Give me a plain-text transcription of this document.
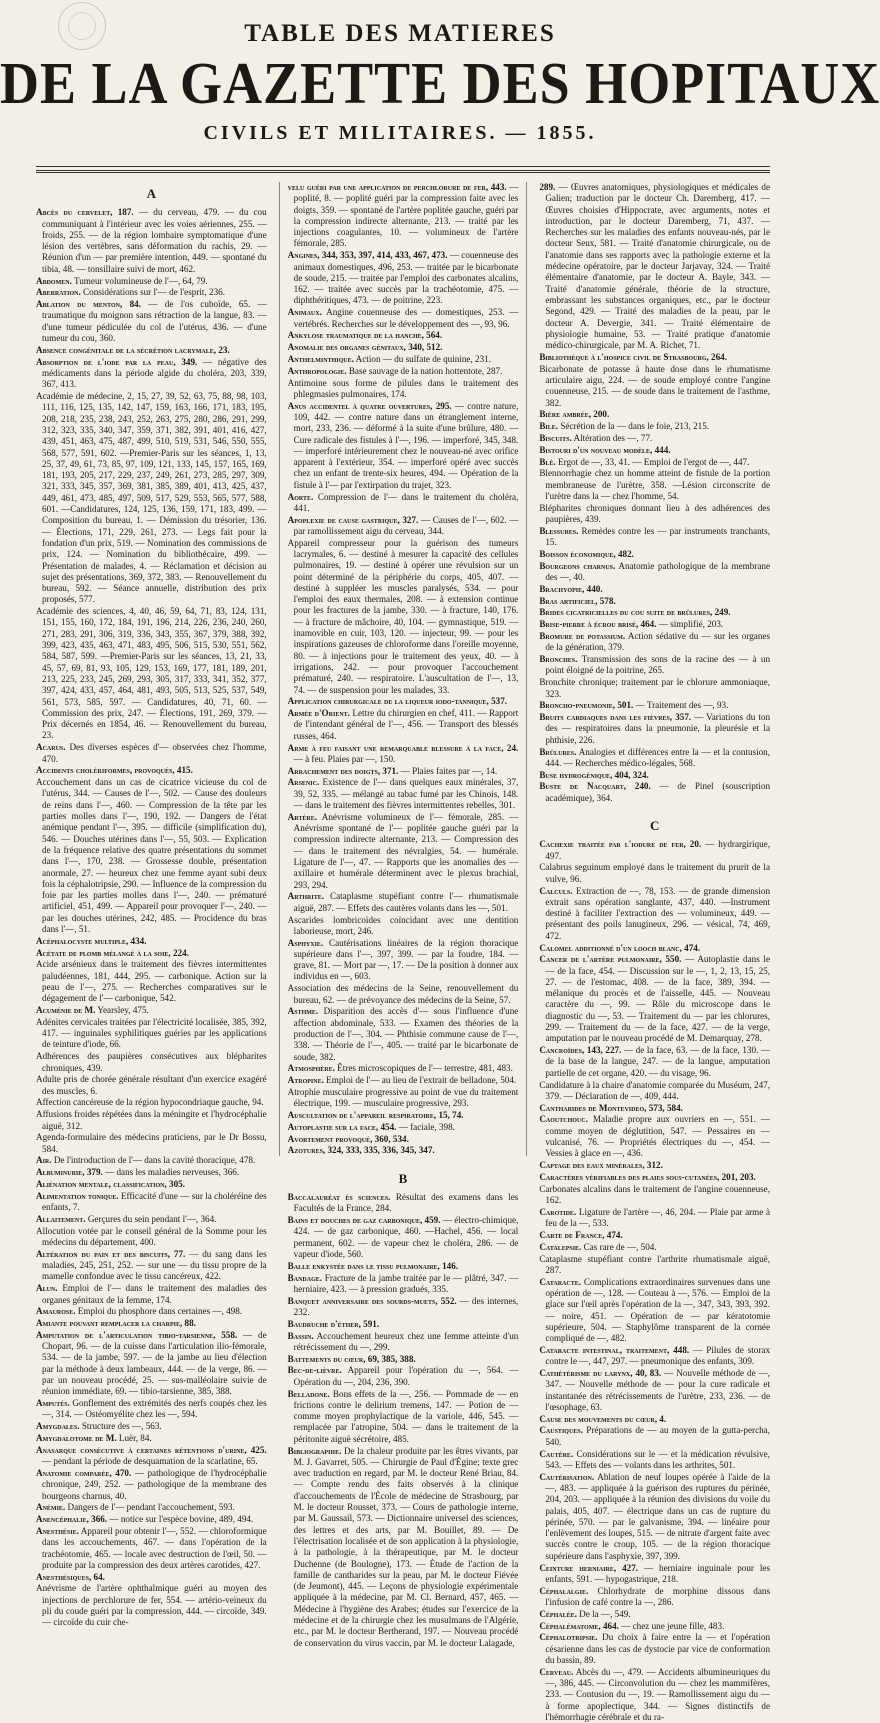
TABLE DES MATIERES
DE LA GAZETTE DES HOPITAUX
CIVILS ET MILITAIRES. — 1855.
A
Abcès du cervelet, 187. — du cerveau, 479. — du cou communiquant à l'intérieur avec les voies aériennes, 255. — froids, 255. — de la région lombaire symptomatique d'une lésion des vertèbres, sans déformation du rachis, 29. — Réunion d'un — par première intention, 449. — spontané du tibia, 48. — tonsillaire suivi de mort, 462.
Abdomen. Tumeur volumineuse de l'—, 64, 79.
Aberration. Considérations sur l'— de l'esprit, 236.
Ablation du menton, 84. — de l'os cuboïde, 65. — traumatique du moignon sans rétraction de la langue, 83. — d'une tumeur pédiculée du col de l'utérus, 436. — d'une tumeur du cou, 360.
Absence congénitale de la sécrétion lacrymale, 23.
Absorption de l'iode par la peau, 349. — négative des médicaments dans la période algide du choléra, 203, 339, 367, 413.
Académie de médecine, 2, 15, 27, 39, 52, 63, 75, 88, 98, 103, 111, 116, 125, 135, 142, 147, 159, 163, 166, 171, 183, 195, 208, 218, 235, 238, 243, 252, 263, 275, 280, 286, 291, 299, 312, 323, 335, 340, 347, 359, 371, 382, 391, 401, 416, 427, 439, 451, 463, 475, 487, 499, 510, 519, 531, 546, 550, 555, 568, 577, 591, 602. —Premier-Paris sur les séances, 1, 13, 25, 37, 49, 61, 73, 85, 97, 109, 121, 133, 145, 157, 165, 169, 181, 193, 205, 217, 229, 237, 249, 261, 273, 285, 297, 309, 321, 333, 345, 357, 369, 381, 385, 389, 401, 413, 425, 437, 449, 461, 473, 485, 497, 509, 517, 529, 553, 565, 577, 588, 601. —Candidatures, 124, 125, 136, 159, 171, 183, 499. —Composition du bureau, 1. — Démission du trésorier, 136. — Élections, 171, 229, 261, 273. — Legs fait pour la fondation d'un prix, 519. — Nomination des commissions de prix, 124. — Nomination du bibliothécaire, 499. — Présentation de malades, 4. — Réclamation et décision au sujet des présentations, 369, 372, 383. — Renouvellement du bureau, 592. — Séance annuelle, distribution des prix proposés, 577.
Académie des sciences, 4, 40, 46, 59, 64, 71, 83, 124, 131, 151, 155, 160, 172, 184, 191, 196, 214, 226, 236, 240, 260, 271, 283, 291, 306, 319, 336, 343, 355, 367, 379, 388, 392, 399, 423, 435, 463, 471, 483, 495, 506, 515, 530, 551, 562, 584, 587, 599. —Premier-Paris sur les séances, 13, 21, 33, 45, 57, 69, 81, 93, 105, 129, 153, 169, 177, 181, 189, 201, 213, 225, 233, 245, 269, 293, 305, 317, 333, 341, 352, 377, 397, 424, 433, 457, 464, 481, 493, 505, 513, 525, 537, 549, 561, 573, 585, 597. — Candidatures, 40, 71, 60. — Commission des prix, 247. — Élections, 191, 269, 379. — Prix décernés en 1854, 46. — Renouvellement du bureau, 23.
Acarus. Des diverses espèces d'— observées chez l'homme, 470.
Accidents cholériformes, provoqués, 415.
Accouchement dans un cas de cicatrice vicieuse du col de l'utérus, 344. — Causes de l'—, 502. — Cause des douleurs de reins dans l'—, 460. — Compression de la tête par les parties molles dans l'—, 190, 192. — Dangers de l'état anémique pendant l'—, 395. — difficile (simplification du), 546. — Douches utérines dans l'—, 55, 503. — Explication de la fréquence relative des quatre présentations du sommet dans l'—, 170, 238. — Grossesse double, présentation anormale, 27. — heureux chez une femme ayant subi deux fois la céphalotripsie, 290. — Influence de la compression du foie par les parties molles dans l'—, 240. — prématuré artificiel, 451, 499. — Appareil pour provoquer l'—, 240. — par les douches utérines, 242, 485. — Procidence du bras dans l'—, 51.
Acéphalocyste multiple, 434.
Acétate de plomb mélangé à la soie, 224.
Acide arsénieux dans le traitement des fièvres intermittentes paludéennes, 181, 444, 295. — carbonique. Action sur la peau de l'—, 275. — Recherches comparatives sur le dégagement de l'— carbonique, 542.
Acuménie de M. Yearsley, 475.
Adénites cervicales traitées par l'électricité localisée, 385, 392, 417. — inguinales syphilitiques guéries par les applications de teinture d'iode, 66.
Adhérences des paupières consécutives aux blépharites chroniques, 439.
Adulte pris de chorée générale résultant d'un exercice exagéré des muscles, 6.
Affection cancéreuse de la région hypocondriaque gauche, 94.
Affusions froides répétées dans la méningite et l'hydrocéphalie aiguë, 312.
Agenda-formulaire des médecins praticiens, par le Dr Bossu, 584.
Air. De l'introduction de l'— dans la cavité thoracique, 478.
Albuminurie, 379. — dans les maladies nerveuses, 366.
Aliénation mentale, classification, 305.
Alimentation tonique. Efficacité d'une — sur la choléréine des enfants, 7.
Allaitement. Gerçures du sein pendant l'—, 364.
Allocution votée par le conseil général de la Somme pour les médecins du département, 400.
Altération du pain et des biscuits, 77. — du sang dans les maladies, 245, 251, 252. — sur une — du tissu propre de la mamelle confondue avec le tissu cancéreux, 422.
Alun. Emploi de l'— dans le traitement des maladies des organes génitaux de la femme, 174.
Amaurose. Emploi du phosphore dans certaines —, 498.
Amiante pouvant remplacer la charpie, 88.
Amputation de l'articulation tibio-tarsienne, 558. — de Chopart, 96. — de la cuisse dans l'articulation ilio-fémorale, 534. — de la jambe, 597. — de la jambe au lieu d'élection par la méthode à deux lambeaux, 444. — de la verge, 86. — par un nouveau procédé, 25. — sus-malléolaire suivie de réunion immédiate, 69. — tibio-tarsienne, 385, 388.
Amputés. Gonflement des extrémités des nerfs coupés chez les —, 314. — Ostéomyélite chez les —, 594.
Amygdales. Structure des —, 563.
Amygdalotome de M. Luër, 84.
Anasarque consécutive à certaines rétentions d'urine, 425. — pendant la période de desquamation de la scarlatine, 65.
Anatomie comparée, 470. — pathologique de l'hydrocéphalie chronique, 249, 252. — pathologique de la membrane des bourgeons charnus, 40.
Anémie. Dangers de l'— pendant l'accouchement, 593.
Anencéphalie, 366. — notice sur l'espèce bovine, 489, 494.
Anesthésie. Appareil pour obtenir l'—, 552. — chloroformique dans les accouchements, 467. — dans l'opération de la trachéotomie, 465. — locale avec destruction de l'œil, 50. — produite par la compression des deux artères carotides, 427.
Anesthésiques, 64.
Anévrisme de l'artère ophthalmique guéri au moyen des injections de perchlorure de fer, 554. — artério-veineux du pli du coude guéri par la compression, 444. — circoïde, 349. — circoïde du cuir che-
velu guéri par une application de perchlorure de fer, 443. — poplité, 8. — poplité guéri par la compression faite avec les doigts, 359. — spontané de l'artère poplitée gauche, guéri par la compression indirecte alternante, 213. — traité par les injections coagulantes, 10. — volumineux de l'artère fémorale, 285.
Angines, 344, 353, 397, 414, 433, 467, 473. — couenneuse des animaux domestiques, 496, 253. — traitée par le bicarbonate de soude, 215. — traitée par l'emploi des carbonates alcalins, 162. — traitée avec succès par la trachéotomie, 475. — diphthéritiques, 473. — de poitrine, 223.
Animaux. Angine couenneuse des — domestiques, 253. — vertébrés. Recherches sur le développement des —, 93, 96.
Ankylose traumatique de la hanche, 564.
Anomalie des organes génitaux, 340, 512.
Anthelminthique. Action — du sulfate de quinine, 231.
Anthropologie. Base sauvage de la nation hottentote, 287.
Antimoine sous forme de pilules dans le traitement des phlegmasies pulmonaires, 174.
Anus accidentel à quatre ouvertures, 295. — contre nature, 109, 442. — contre nature dans un étranglement interne, mort, 233, 236. — déformé à la suite d'une brûlure, 480. — Cure radicale des fistules à l'—, 196. — imperforé, 345, 348. — imperforé intérieurement chez le nouveau-né avec orifice apparent à l'extérieur, 354. — imperforé opéré avec succès chez un enfant de trente-six heures, 494. — Opération de la fistule à l'— par l'extirpation du trajet, 323.
Aorte. Compression de l'— dans le traitement du choléra, 441.
Apoplexie de cause gastrique, 327. — Causes de l'—, 602. — par ramollissement aigu du cerveau, 344.
Appareil compresseur pour la guérison des tumeurs lacrymales, 6. — destiné à mesurer la capacité des cellules pulmonaires, 19. — destiné à opérer une révulsion sur un point déterminé de la périphérie du corps, 405, 407. — destiné à suppléer les muscles paralysés, 534. — pour l'emploi des eaux thermales, 208. — à extension continue pour les fractures de la jambe, 330. — à fracture, 140, 176. — à fracture de mâchoire, 40, 104. — gymnastique, 519. — inamovible en cuir, 103, 120. — injecteur, 99. — pour les inspirations gazeuses de chloroforme dans l'oreille moyenne, 80. — à injections pour le traitement des yeux, 40. — à irrigations, 242. — pour provoquer l'accouchement prématuré, 240. — respiratoire. L'auscultation de l'—, 13, 74. — de suspension pour les malades, 33.
Application chirurgicale de la liqueur iodo-tannique, 537.
Armée d'Orient. Lettre du chirurgien en chef, 411. — Rapport de l'intendant général de l'—, 456. — Transport des blessés russes, 464.
Arme à feu faisant une remarquable blessure à la face, 24. — à feu. Plaies par —, 150.
Arrachement des doigts, 371. — Plaies faites par —, 14.
Arsenic. Existence de l'— dans quelques eaux minérales, 37, 39, 52, 335. — mélangé au tabac fumé par les Chinois, 148. — dans le traitement des fièvres intermittentes rebelles, 301.
Artère. Anévrisme volumineux de l'— fémorale, 285. — Anévrisme spontané de l'— poplitée gauche guéri par la compression indirecte alternante, 213. — Compression des — dans le traitement des névralgies, 54. — humérale. Ligature de l'—, 47. — Rapports que les anomalies des — axillaire et humérale déterminent avec le plexus brachial, 293, 294.
Arthrite. Cataplasme stupéfiant contre l'— rhumatismale aiguë, 287. — Effets des cautères volants dans les —, 501.
Ascarides lombricoïdes coïncidant avec une dentition laborieuse, mort, 246.
Asphyxie. Cautérisations linéaires de la région thoracique supérieure dans l'—, 397, 399. — par la foudre, 184. — grave, 81. — Mort par —, 17. — De la position à donner aux individus en —, 603.
Association des médecins de la Seine, renouvellement du bureau, 62. — de prévoyance des médecins de la Seine, 57.
Asthme. Disparition des accès d'— sous l'influence d'une affection abdominale, 533. — Examen des théories de la production de l'—, 304. — Phthisie commune cause de l'—, 338. — Théorie de l'—, 405. — traité par le bicarbonate de soude, 382.
Atmosphère. Êtres microscopiques de l'— terrestre, 481, 483.
Atropine. Emploi de l'— au lieu de l'extrait de belladone, 504.
Atrophie musculaire progressive au point de vue du traitement électrique, 199. — musculaire progressive, 293.
Auscultation de l'appareil respiratoire, 15, 74.
Autoplastie sur la face, 454. — faciale, 398.
Avortement provoqué, 360, 534.
Azotures, 324, 333, 335, 336, 345, 347.
B
Baccalauréat ès sciences. Résultat des examens dans les Facultés de la France, 284.
Bains et douches de gaz carbonique, 459. — électro-chimique, 424. — de gaz carbonique, 460. —Hachel, 456. — local permanent, 602. — de vapeur chez le choléra, 286. — de vapeur d'iode, 560.
Balle enkystée dans le tissu pulmonaire, 146.
Bandage. Fracture de la jambe traitée par le — plâtré, 347. — herniaire, 423. — à pression gradués, 335.
Banquet anniversaire des sourds-muets, 552. — des internes, 232.
Baudruche d'éther, 591.
Bassin. Accouchement heureux chez une femme atteinte d'un rétrécissement du —, 299.
Battements du cœur, 69, 385, 388.
Bec-de-lièvre. Appareil pour l'opération du —, 564. — Opération du —, 204, 236, 390.
Belladone. Bons effets de la —, 256. — Pommade de — en frictions contre le delirium tremens, 147. — Potion de — comme moyen prophylactique de la variole, 446, 545. — remplacée par l'atropine, 504. — dans le traitement de la péritonite aiguë sécrétoire, 485.
Bibliographie. De la chaleur produite par les êtres vivants, par M. J. Gavarret, 505. — Chirurgie de Paul d'Égine; texte grec avec traduction en regard, par M. le docteur René Briau, 84. — Compte rendu des faits observés à la clinique d'accouchements de l'École de médecine de Strasbourg, par M. le docteur Rousset, 373. — Cours de pathologie interne, par M. Gaussail, 573. — Dictionnaire universel des sciences, des lettres et des arts, par M. Bouillet, 89. — De l'électrisation localisée et de son application à la physiologie, à la pathologie, à la thérapeutique, par M. le docteur Duchenne (de Boulogne), 173. — Étude de l'action de la famille de cantharides sur la peau, par M. le docteur Fiévée (de Jeumont), 445. — Leçons de physiologie expérimentale appliquée à la médecine, par M. Cl. Bernard, 457, 465. — Médecine à l'hygiène des Arabes; études sur l'exercice de la médecine et de la chirurgie chez les musulmans de l'Algérie, etc., par M. le docteur Bertherand, 197. — Nouveau procédé de conservation du virus vaccin, par M. le docteur Lalagade,
289. — Œuvres anatomiques, physiologiques et médicales de Galien; traduction par le docteur Ch. Daremberg, 417. — Œuvres choisies d'Hippocrate, avec arguments, notes et introduction, par le docteur Daremberg, 71, 437. — Recherches sur les maladies des enfants nouveau-nés, par le docteur Seux, 581. — Traité d'anatomie chirurgicale, ou de l'anatomie dans ses rapports avec la pathologie externe et la médecine opératoire, par le docteur Jarjavay, 324. — Traité élémentaire d'anatomie, par le docteur A. Bayle, 343. — Traité d'anatomie générale, théorie de la structure, embrassant les substances organiques, etc., par le docteur Segond, 429. — Traité des maladies de la peau, par le docteur A. Devergie, 341. — Traité élémentaire de physiologie humaine, 53. — Traité pratique d'anatomie médico-chirurgicale, par M. A. Richet, 71.
Bibliothèque à l'hospice civil de Strasbourg, 264.
Bicarbonate de potasse à haute dose dans le rhumatisme articulaire aigu, 224. — de soude employé contre l'angine couenneuse, 215. — de soude dans le traitement de l'asthme, 382.
Bière ambrée, 200.
Bile. Sécrétion de la — dans le foie, 213, 215.
Biscuits. Altération des —, 77.
Bistouri d'un nouveau modèle, 444.
Blé. Ergot de —, 33, 41. — Emploi de l'ergot de —, 447.
Blennorrhagie chez un homme atteint de fistule de la portion membraneuse de l'urètre, 358. —Lésion circonscrite de l'urètre dans la — chez l'homme, 54.
Blépharites chroniques donnant lieu à des adhérences des paupières, 439.
Blessures. Remèdes contre les — par instruments tranchants, 15.
Boisson économique, 482.
Bourgeons charnus. Anatomie pathologique de la membrane des —, 40.
Brachyopie, 440.
Bras artificiel, 578.
Brides cicatricielles du cou suite de brûlures, 249.
Brise-pierre à écrou brisé, 464. — simplifié, 203.
Bromure de potassium. Action sédative du — sur les organes de la génération, 379.
Bronches. Transmission des sons de la racine des — à un point éloigné de la poitrine, 265.
Bronchite chronique; traitement par le chlorure ammoniaque, 323.
Broncho-pneumonie, 501. — Traitement des —, 93.
Bruits cardiaques dans les fièvres, 357. — Variations du ton des — respiratoires dans la pneumonie, la pleurésie et la phthisie, 226.
Brûlures. Analogies et différences entre la — et la contusion, 444. — Recherches médico-légales, 568.
Buse hydrogénique, 404, 324.
Buste de Nacquart, 240. — de Pinel (souscription académique), 364.
C
Cachexie traitée par l'iodure de fer, 20. — hydrargirique, 497.
Calabrus seguinum employé dans le traitement du prurit de la vulve, 96.
Calculs. Extraction de —, 78, 153. — de grande dimension extrait sans opération sanglante, 437, 440. —Instrument destiné à faciliter l'extraction des — volumineux, 449. — présentant des poils lanugineux, 296. — vésical, 74, 469, 472.
Calomel additionné d'un looch blanc, 474.
Cancer de l'artère pulmonaire, 550. — Autoplastie dans le — de la face, 454. — Discussion sur le —, 1, 2, 13, 15, 25, 27. — de l'estomac, 408. — de la face, 389, 394. — mélanique du procès et de l'aisselle, 445. — Nouveau caractère du —, 99. — Rôle du microscope dans le diagnostic du —, 53. — Traitement du — par les chlorures, 299. — Traitement du — de la face, 427. — de la verge, amputation par le nouveau procédé de M. Demarquay, 278.
Cancroïdes, 143, 227. — de la face, 63. — de la face, 130. — de la base de la langue, 247. — de la langue, amputation partielle de cet organe, 420. — du visage, 96.
Candidature à la chaire d'anatomie comparée du Muséum, 247, 379. — Déclaration de —, 409, 444.
Cantharides de Montevideo, 573, 584.
Caoutchouc. Maladie propre aux ouvriers en —, 551. — comme moyen de déglutition, 547. — Pessaires en — vulcanisé, 76. — Propriétés électriques du —, 454. — Vessies à glace en —, 436.
Captage des eaux minérales, 312.
Caractères vérifiables des plaies sous-cutanées, 201, 203.
Carbonates alcalins dans le traitement de l'angine couenneuse, 162.
Carotide. Ligature de l'artère —, 46, 204. — Plaie par arme à feu de la —, 533.
Carte de France, 474.
Catalepsie. Cas rare de —, 504.
Cataplasme stupéfiant contre l'arthrite rhumatismale aiguë, 287.
Cataracte. Complications extraordinaires survenues dans une opération de —, 128. — Couteau à —, 576. — Emploi de la glace sur l'œil après l'opération de la —, 347, 343, 393, 392. — noire, 451. — Opération de — par kératotomie supérieure, 504. — Staphylôme transparent de la cornée compliqué de —, 482.
Cataracte intestinal, traitement, 448. — Pilules de storax contre le —, 447, 297. — pneumonique des enfants, 309.
Cathétérisme du larynx, 40, 83. — Nouvelle méthode de —, 347. — Nouvelle méthode de — pour la cure radicale et instantanée des rétrécissements de l'urètre, 233, 236. — de l'œsophage, 63.
Cause des mouvements du cœur, 4.
Caustiques. Préparations de — au moyen de la gutta-percha, 540.
Cautère. Considérations sur le — et la médication révulsive, 543. — Effets des — volants dans les arthrites, 501.
Cautérisation. Ablation de neuf loupes opérée à l'aide de la —, 483. — appliquée à la guérison des ruptures du périnée, 204, 203. — appliquée à la réunion des divisions du voile du palais, 405, 407. — électrique dans un cas de rupture du périnée, 570. — par le galvanisme, 394. — linéaire pour l'enlèvement des loupes, 515. — de nitrate d'argent faite avec succès contre le croup, 105. — de la région thoracique supérieure dans l'asphyxie, 397, 399.
Ceinture herniaire, 427. — herniaire inguinale pour les enfants, 591. — hypogastrique, 218.
Céphalalgie. Chlorhydrate de morphine dissous dans l'infusion de café contre la —, 286.
Céphalée. De la —, 549.
Céphalématome, 464. — chez une jeune fille, 483.
Céphalotripsie. Du choix à faire entre la — et l'opération césarienne dans les cas de dystocie par vice de conformation du bassin, 89.
Cerveau. Abcès du —, 479. — Accidents albumineuriques du —, 386, 445. — Circonvolution du — chez les mammifères, 233. — Contusion du —, 19. — Ramollissement aigu du — à forme apoplectique, 344. — Signes distinctifs de l'hémorrhagie cérébrale et du ra-
